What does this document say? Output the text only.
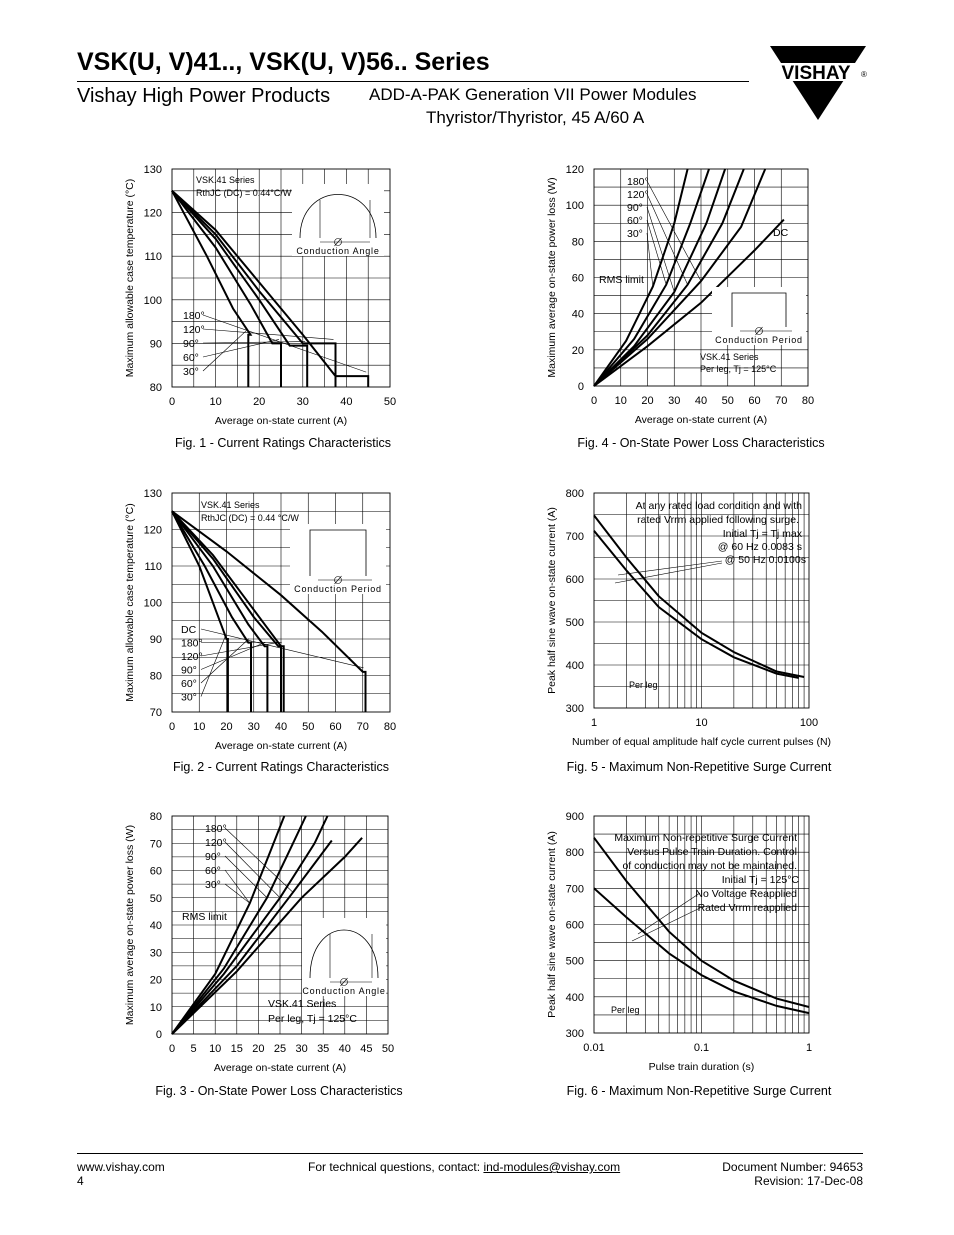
VSK(U, V)41.., VSK(U, V)56.. Series
Vishay High Power Products ADD-A-PAK Generation VII Power Modules
Thyristor/Thyristor, 45 A/60 A
VISHAY ®
0	10	20	30	40	50
80
90
100
110
120
130
Average on-state current (A)
Maximum allowable case temperature (°C)
Fig. 1 - Current Ratings Characteristics
180°
120°
90°
60°
30°
VSK.41 Series
RthJC (DC) = 0.44°C/W
Conduction Angle
0 10 20 30 40 50 60 70 80
0
20
40
60
80
100
120
Average on-state current (A)
Maximum average on-state power loss (W)
Fig. 4 - On-State Power Loss Characteristics
180°
120°
90°
60°
30°	DC
RMS limit
VSK.41 Series
Per leg, Tj = 125°C
Conduction Period
0 10 20 30 40 50 60 70 80
70
80
90
100
110
120
130
Average on-state current (A)
Maximum allowable case temperature (°C)
Fig. 2 - Current Ratings Characteristics
DC
180°
120°
90°
60°
30°
VSK.41 Series
RthJC (DC) = 0.44 °C/W
Conduction Period
1	10	100
300
400
500
600
700
800
Number of equal amplitude half cycle current pulses (N)
Peak half sine wave on-state current (A)
Fig. 5 - Maximum Non-Repetitive Surge Current
At any rated load condition and with
rated Vrrm applied following surge.
Initial Tj = Tj max
@ 60 Hz 0.0083 s
@ 50 Hz 0.0100s
Per leg
0 5 10 15 20 25 30 35 40 45 50
0
10
20
30
40
50
60
70
80
Average on-state current (A)
Maximum average on-state power loss (W)
Fig. 3 - On-State Power Loss Characteristics
180°
120°
90°
60°
30°
RMS limit
VSK.41 Series
Per leg, Tj = 125°C
Conduction Angle
0.01	0.1	1
300
400
500
600
700
800
900
Pulse train duration (s)
Peak half sine wave on-state current (A)
Fig. 6 - Maximum Non-Repetitive Surge Current
Maximum Non-repetitive Surge Current
Versus Pulse Train Duration. Control
of conduction may not be maintained.
Initial Tj = 125°C
No Voltage Reapplied
Rated Vrrm reapplied
Per leg
www.vishay.com
4
For technical questions, contact: ind-modules@vishay.com	Document Number: 94653
Revision: 17-Dec-08
